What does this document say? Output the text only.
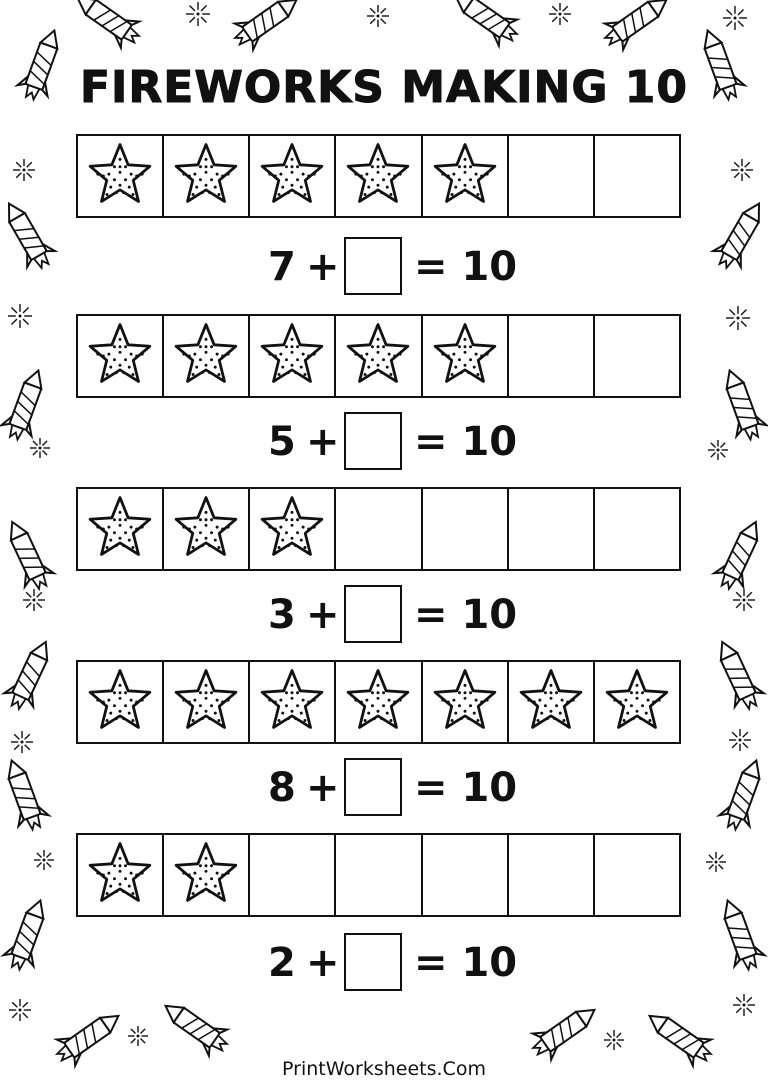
FIREWORKS MAKING 10
PrintWorksheets.Com
7 + = 10
5 + = 10
3 + = 10
8 + = 10
2 + = 10
